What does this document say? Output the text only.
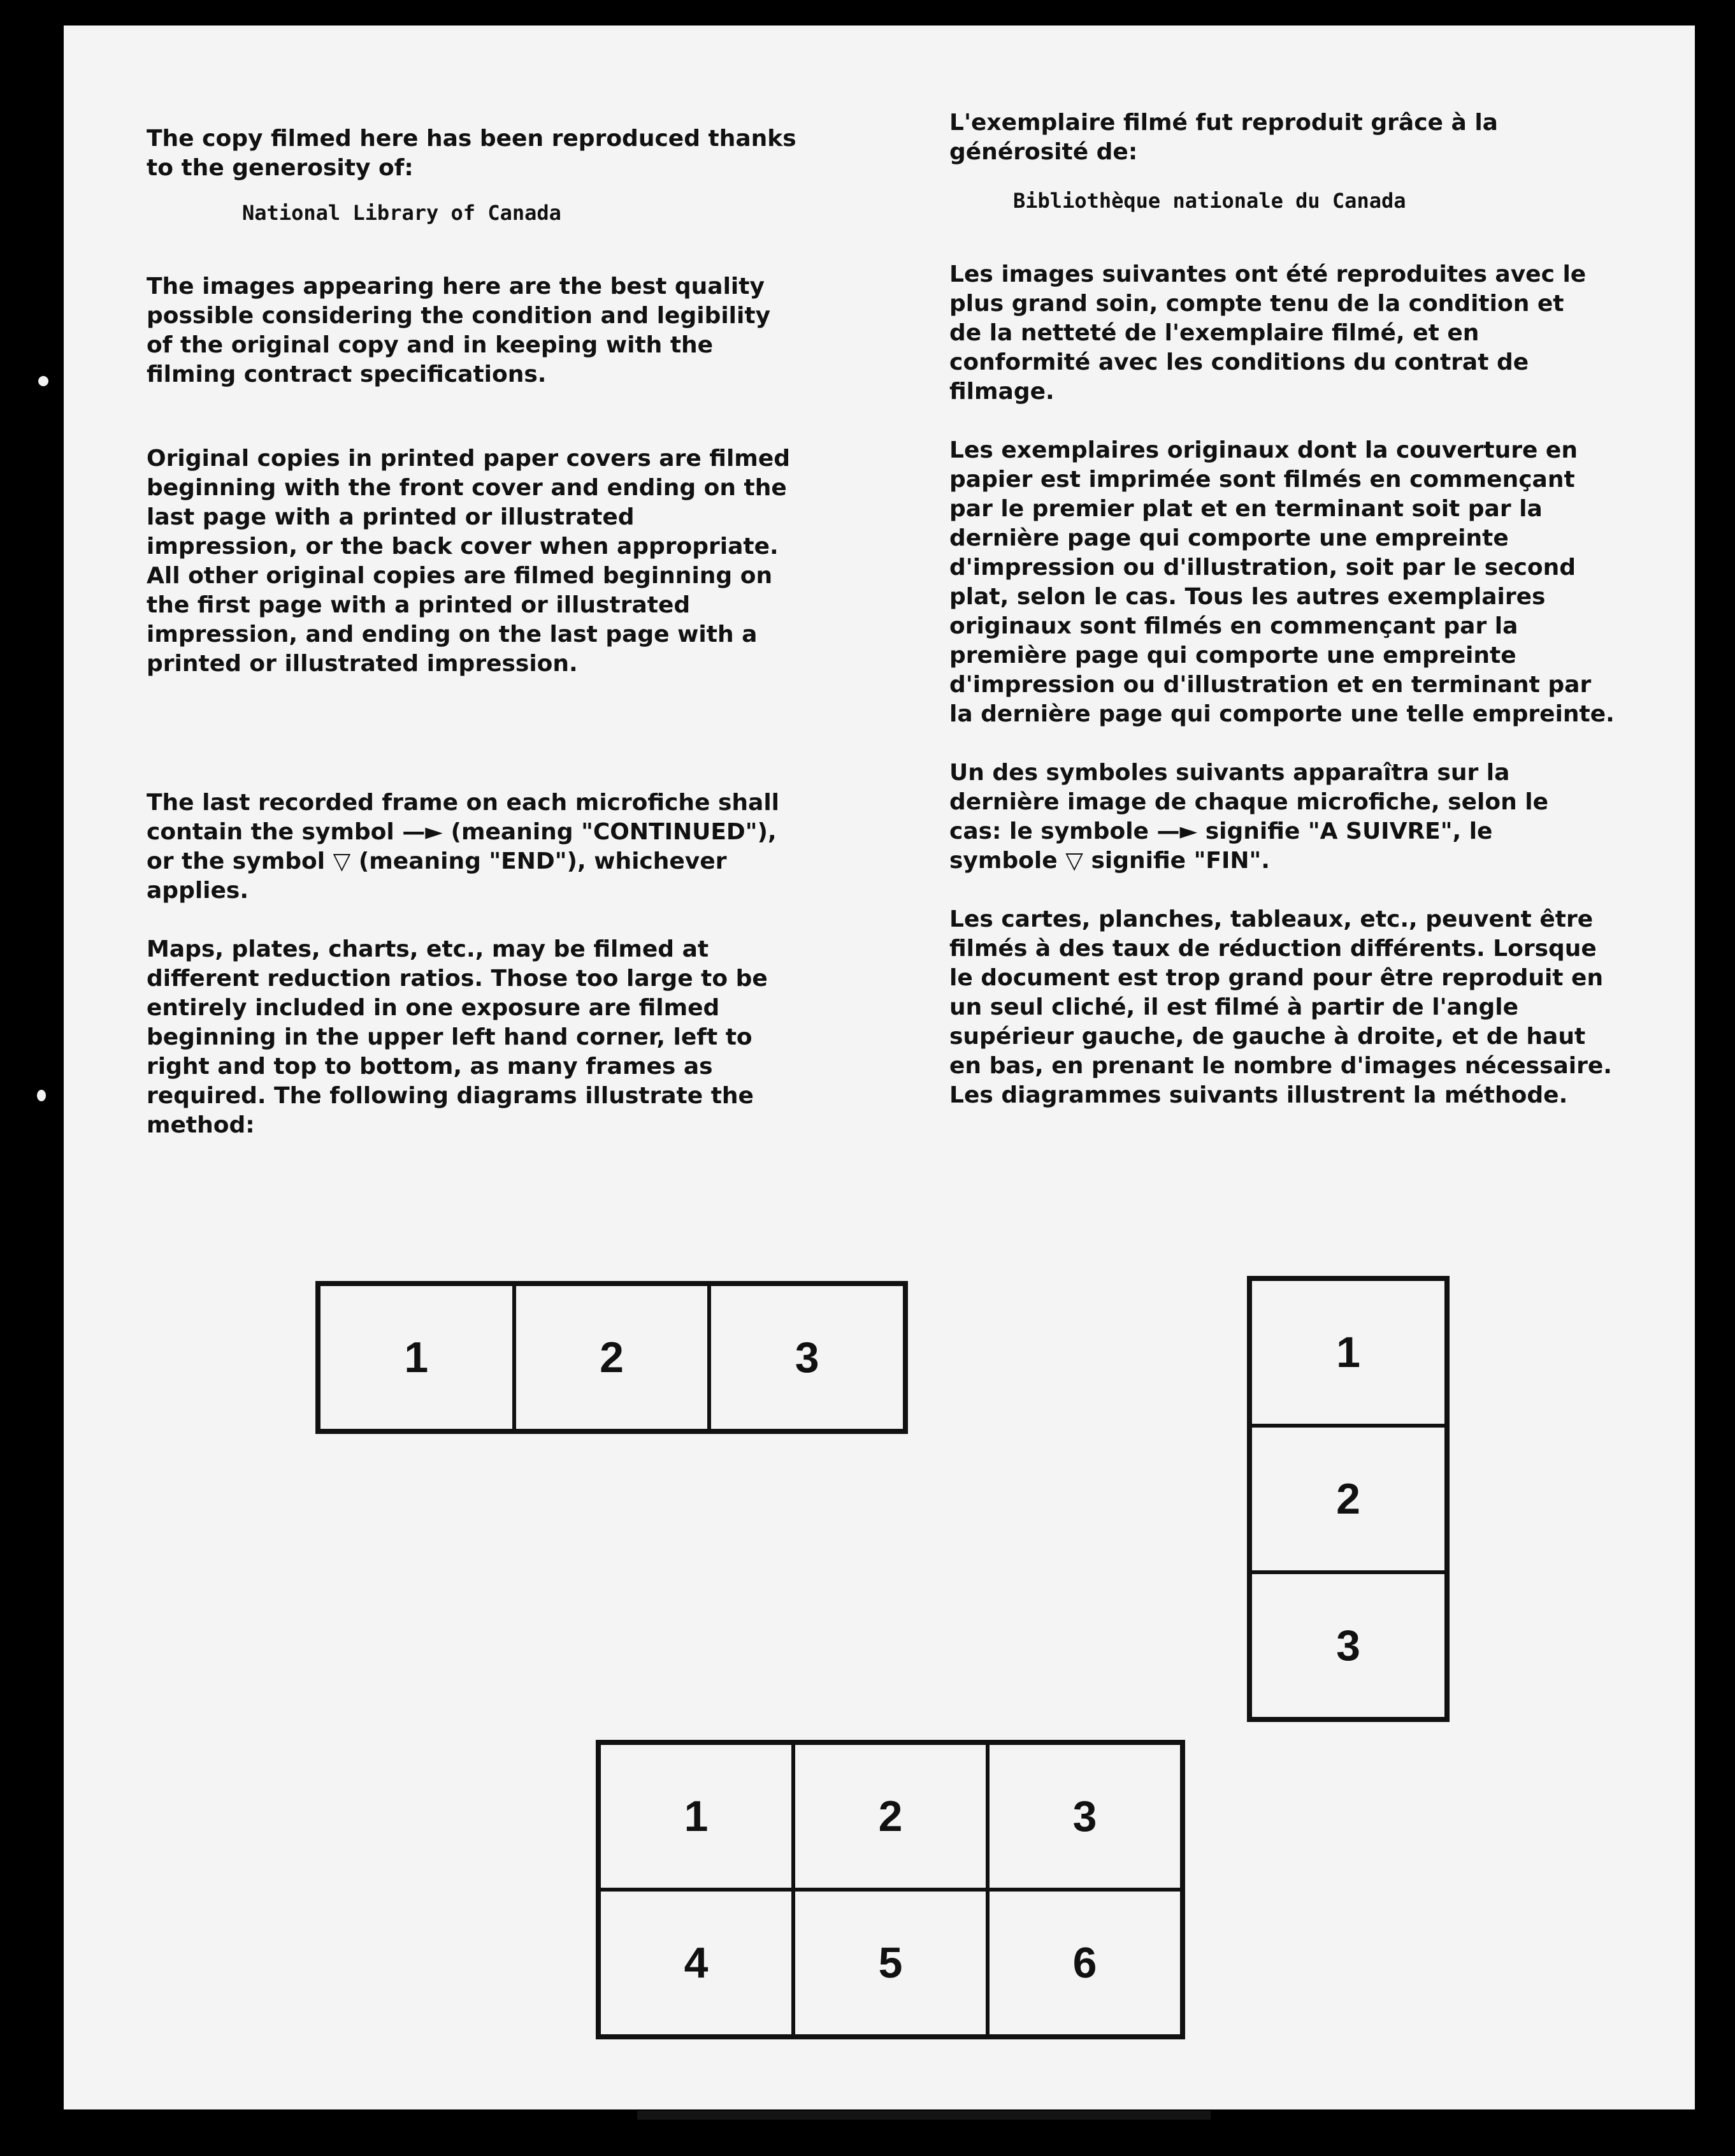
The copy filmed here has been reproduced thanks to the generosity of:

National Library of Canada

The images appearing here are the best quality possible considering the condition and legibility of the original copy and in keeping with the filming contract specifications.

Original copies in printed paper covers are filmed beginning with the front cover and ending on the last page with a printed or illustrated impression, or the back cover when appropriate. All other original copies are filmed beginning on the first page with a printed or illustrated impression, and ending on the last page with a printed or illustrated impression.

The last recorded frame on each microfiche shall contain the symbol —► (meaning "CONTINUED"), or the symbol ▽ (meaning "END"), whichever applies.

Maps, plates, charts, etc., may be filmed at different reduction ratios. Those too large to be entirely included in one exposure are filmed beginning in the upper left hand corner, left to right and top to bottom, as many frames as required. The following diagrams illustrate the method:

L'exemplaire filmé fut reproduit grâce à la générosité de:

Bibliothèque nationale du Canada

Les images suivantes ont été reproduites avec le plus grand soin, compte tenu de la condition et de la netteté de l'exemplaire filmé, et en conformité avec les conditions du contrat de filmage.

Les exemplaires originaux dont la couverture en papier est imprimée sont filmés en commençant par le premier plat et en terminant soit par la dernière page qui comporte une empreinte d'impression ou d'illustration, soit par le second plat, selon le cas. Tous les autres exemplaires originaux sont filmés en commençant par la première page qui comporte une empreinte d'impression ou d'illustration et en terminant par la dernière page qui comporte une telle empreinte.

Un des symboles suivants apparaîtra sur la dernière image de chaque microfiche, selon le cas: le symbole —► signifie "A SUIVRE", le symbole ▽ signifie "FIN".

Les cartes, planches, tableaux, etc., peuvent être filmés à des taux de réduction différents. Lorsque le document est trop grand pour être reproduit en un seul cliché, il est filmé à partir de l'angle supérieur gauche, de gauche à droite, et de haut en bas, en prenant le nombre d'images nécessaire. Les diagrammes suivants illustrent la méthode.

1	2	3	1
2
3
1	2	3
4	5	6
